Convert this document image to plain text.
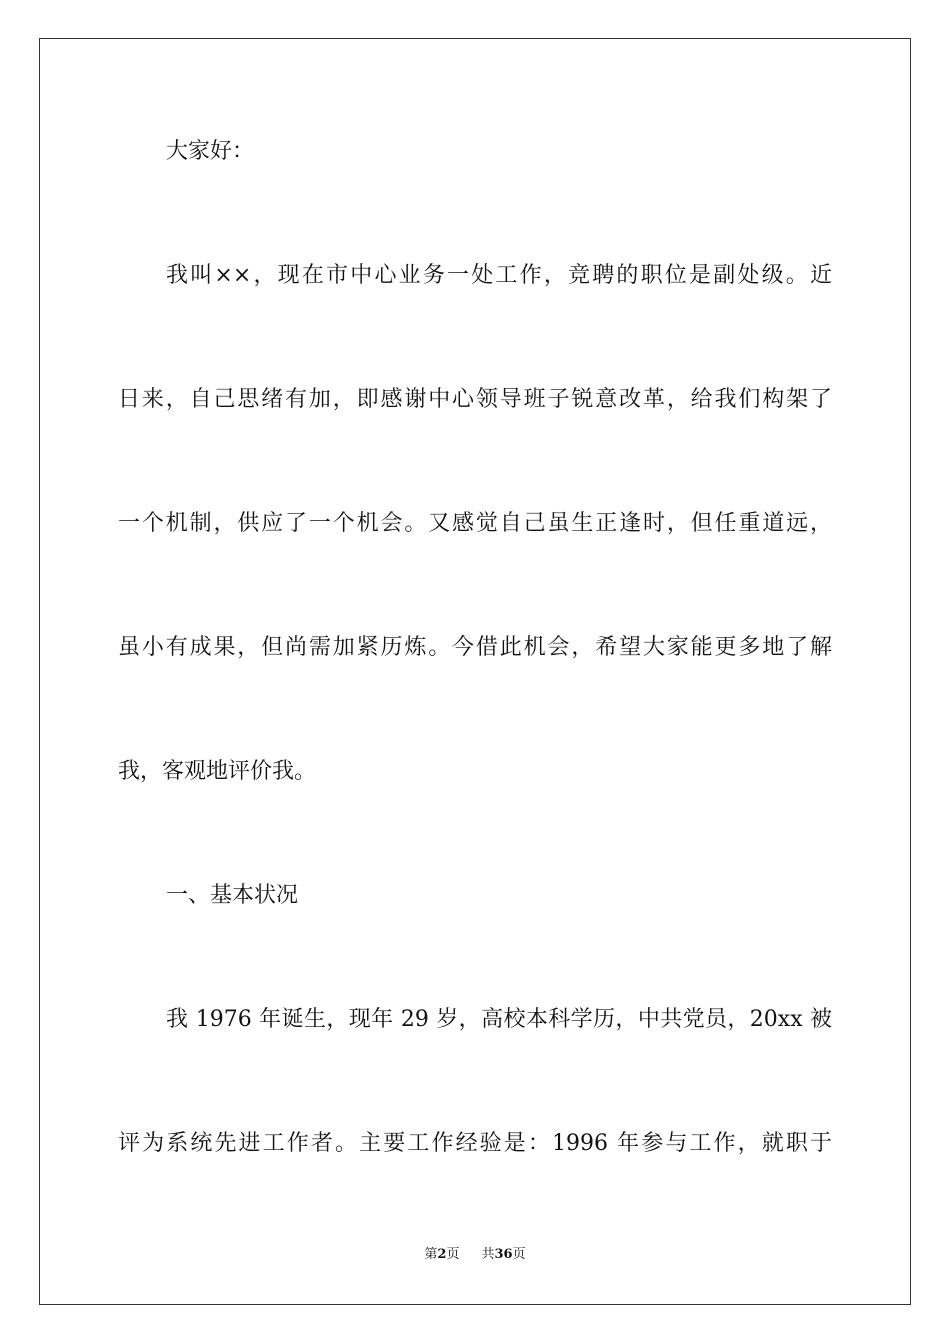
大家好：
我叫××，现在市中心业务一处工作，竞聘的职位是副处级。近
日来，自己思绪有加，即感谢中心领导班子锐意改革，给我们构架了
一个机制，供应了一个机会。又感觉自己虽生正逢时，但任重道远，
虽小有成果，但尚需加紧历炼。今借此机会，希望大家能更多地了解
我，客观地评价我。
一、基本状况
我 1976 年诞生，现年 29 岁，高校本科学历，中共党员，20xx 被
评为系统先进工作者。主要工作经验是：1996 年参与工作，就职于
第2页 共36页
